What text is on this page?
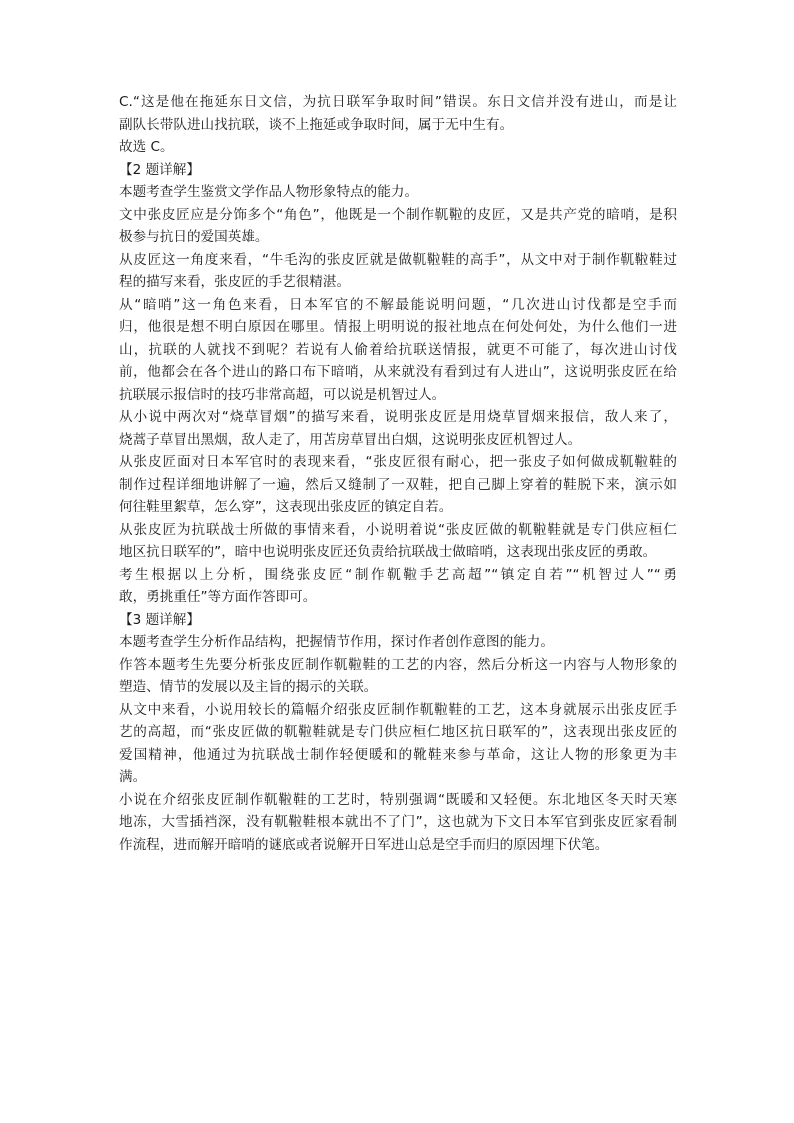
C.“这是他在拖延东日文信，为抗日联军争取时间”错误。东日文信并没有进山，而是让
副队长带队进山找抗联，谈不上拖延或争取时间，属于无中生有。
故选 C。
【2 题详解】
本题考查学生鉴赏文学作品人物形象特点的能力。
文中张皮匠应是分饰多个“角色”，他既是一个制作靰鞡的皮匠，又是共产党的暗哨，是积
极参与抗日的爱国英雄。
从皮匠这一角度来看，“牛毛沟的张皮匠就是做靰鞡鞋的高手”，从文中对于制作靰鞡鞋过
程的描写来看，张皮匠的手艺很精湛。
从“暗哨”这一角色来看，日本军官的不解最能说明问题，“几次进山讨伐都是空手而
归，他很是想不明白原因在哪里。情报上明明说的报社地点在何处何处，为什么他们一进
山，抗联的人就找不到呢？若说有人偷着给抗联送情报，就更不可能了，每次进山讨伐
前，他都会在各个进山的路口布下暗哨，从来就没有看到过有人进山”，这说明张皮匠在给
抗联展示报信时的技巧非常高超，可以说是机智过人。
从小说中两次对“烧草冒烟”的描写来看，说明张皮匠是用烧草冒烟来报信，敌人来了，
烧蒿子草冒出黑烟，敌人走了，用苫房草冒出白烟，这说明张皮匠机智过人。
从张皮匠面对日本军官时的表现来看，“张皮匠很有耐心，把一张皮子如何做成靰鞡鞋的
制作过程详细地讲解了一遍，然后又缝制了一双鞋，把自己脚上穿着的鞋脱下来，演示如
何往鞋里絮草，怎么穿”，这表现出张皮匠的镇定自若。
从张皮匠为抗联战士所做的事情来看，小说明着说“张皮匠做的靰鞡鞋就是专门供应桓仁
地区抗日联军的”，暗中也说明张皮匠还负责给抗联战士做暗哨，这表现出张皮匠的勇敢。
考生根据以上分析，围绕张皮匠“制作靰鞡手艺高超”“镇定自若”“机智过人”“勇
敢，勇挑重任”等方面作答即可。
【3 题详解】
本题考查学生分析作品结构，把握情节作用，探讨作者创作意图的能力。
作答本题考生先要分析张皮匠制作靰鞡鞋的工艺的内容，然后分析这一内容与人物形象的
塑造、情节的发展以及主旨的揭示的关联。
从文中来看，小说用较长的篇幅介绍张皮匠制作靰鞡鞋的工艺，这本身就展示出张皮匠手
艺的高超，而“张皮匠做的靰鞡鞋就是专门供应桓仁地区抗日联军的”，这表现出张皮匠的
爱国精神，他通过为抗联战士制作轻便暖和的靴鞋来参与革命，这让人物的形象更为丰
满。
小说在介绍张皮匠制作靰鞡鞋的工艺时，特别强调“既暖和又轻便。东北地区冬天时天寒
地冻，大雪插裆深，没有靰鞡鞋根本就出不了门”，这也就为下文日本军官到张皮匠家看制
作流程，进而解开暗哨的谜底或者说解开日军进山总是空手而归的原因埋下伏笔。
